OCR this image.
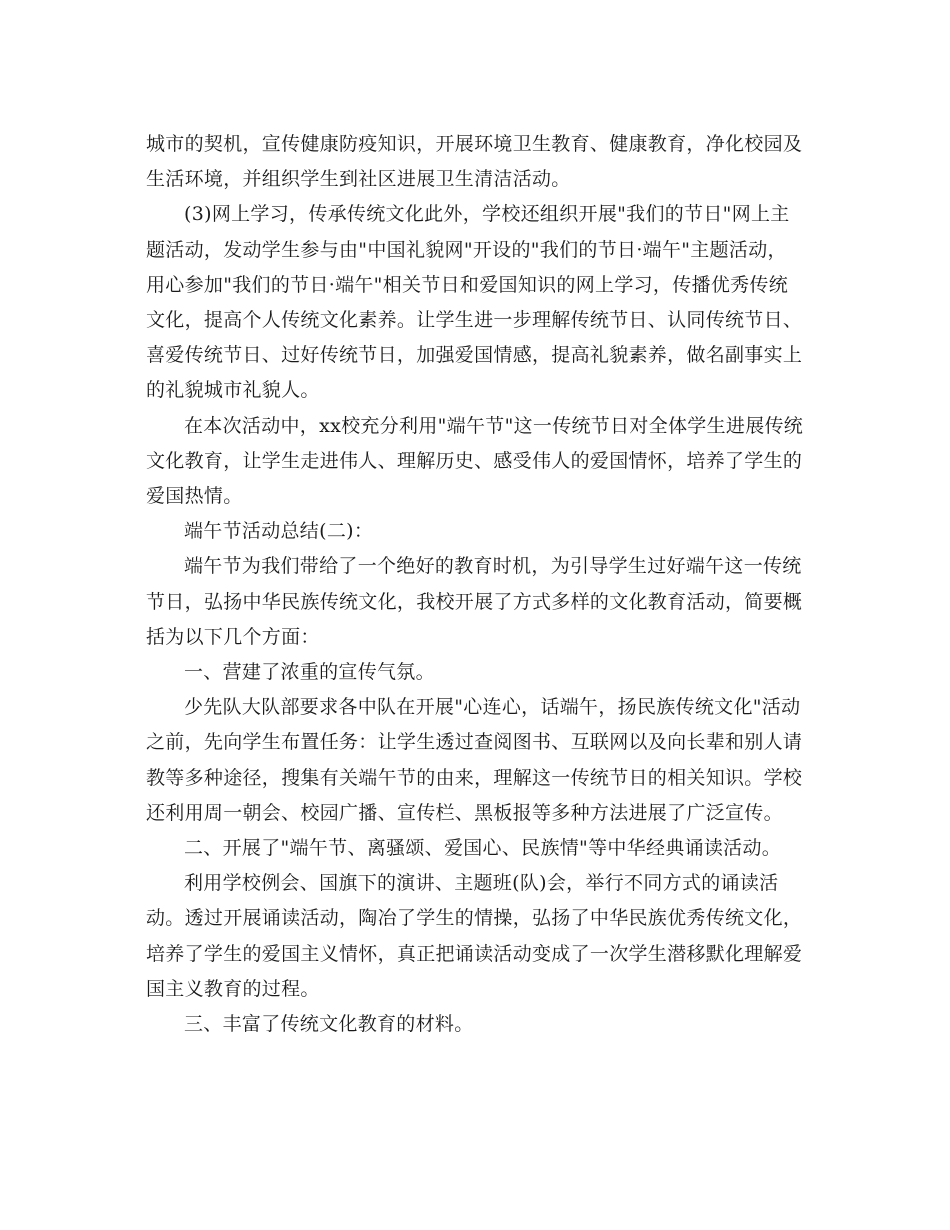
城市的契机，宣传健康防疫知识，开展环境卫生教育、健康教育，净化校园及生活环境，并组织学生到社区进展卫生清洁活动。

(3)网上学习，传承传统文化此外，学校还组织开展"我们的节日"网上主题活动，发动学生参与由"中国礼貌网"开设的"我们的节日·端午"主题活动，用心参加"我们的节日·端午"相关节日和爱国知识的网上学习，传播优秀传统文化，提高个人传统文化素养。让学生进一步理解传统节日、认同传统节日、喜爱传统节日、过好传统节日，加强爱国情感，提高礼貌素养，做名副事实上的礼貌城市礼貌人。

在本次活动中，xx校充分利用"端午节"这一传统节日对全体学生进展传统文化教育，让学生走进伟人、理解历史、感受伟人的爱国情怀，培养了学生的爱国热情。

端午节活动总结(二)：

端午节为我们带给了一个绝好的教育时机，为引导学生过好端午这一传统节日，弘扬中华民族传统文化，我校开展了方式多样的文化教育活动，简要概括为以下几个方面：

一、营建了浓重的宣传气氛。

少先队大队部要求各中队在开展"心连心，话端午，扬民族传统文化"活动之前，先向学生布置任务：让学生透过查阅图书、互联网以及向长辈和别人请教等多种途径，搜集有关端午节的由来，理解这一传统节日的相关知识。学校还利用周一朝会、校园广播、宣传栏、黑板报等多种方法进展了广泛宣传。

二、开展了"端午节、离骚颂、爱国心、民族情"等中华经典诵读活动。

利用学校例会、国旗下的演讲、主题班(队)会，举行不同方式的诵读活动。透过开展诵读活动，陶冶了学生的情操，弘扬了中华民族优秀传统文化，培养了学生的爱国主义情怀，真正把诵读活动变成了一次学生潜移默化理解爱国主义教育的过程。

三、丰富了传统文化教育的材料。
